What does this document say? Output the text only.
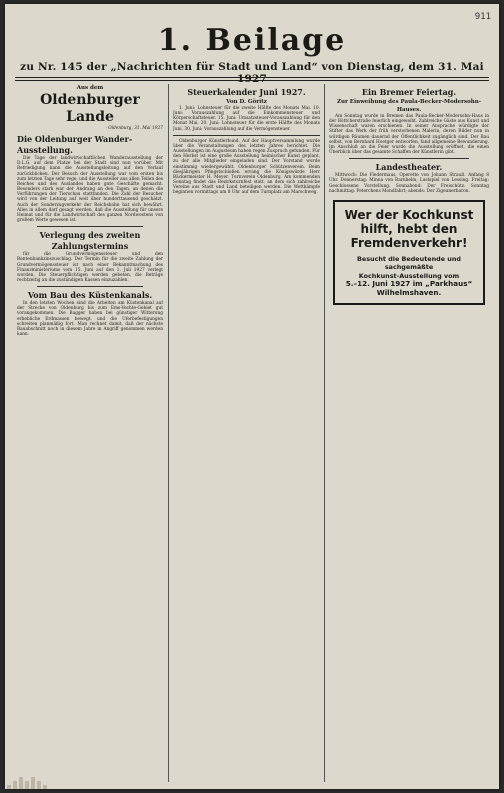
911
1. Beilage
zu Nr. 145 der „Nachrichten für Stadt und Land“ von Dienstag, dem 31. Mai 1927
Aus dem
Oldenburger Lande
· Oldenburg, 31. Mai 1927
Die Oldenburger Wander-Ausstellung.

Die Tage der landwirtschaftlichen Wanderausstellung der D.L.G. auf dem Platze bei der Stadt sind nun vorüber. Mit Befriedigung kann die Ausstellungsleitung auf den Verlauf zurückblicken. Der Besuch der Ausstellung war vom ersten bis zum letzten Tage sehr rege, und die Aussteller aus allen Teilen des Reiches und des Auslandes haben gute Geschäfte gemacht. Besonders stark war der Andrang an den Tagen, an denen die Vorführungen der Tierschau stattfanden. Die Zahl der Besucher wird von der Leitung auf weit über hunderttausend geschätzt. Auch der Sonderzugverkehr der Reichsbahn hat sich bewährt. Alles in allem darf gesagt werden, daß die Ausstellung für unsere Heimat und für die Landwirtschaft des ganzen Nordwestens von großem Werte gewesen ist.

Verlegung des zweiten Zahlungstermins

für die Grundvermögenssteuer und den Rentenbankzinszuschlag. Der Termin für die zweite Zahlung der Grundvermögenssteuer ist nach einer Bekanntmachung des Finanzministeriums vom 15. Juni auf den 1. Juli 1927 verlegt worden. Die Steuerpflichtigen werden gebeten, die Beträge rechtzeitig an die zuständigen Kassen einzuzahlen.

Vom Bau des Küstenkanals.

In den letzten Wochen sind die Arbeiten am Küstenkanal auf der Strecke von Oldenburg bis zum Ems-Vechte-Gebiet gut vorangekommen. Die Bagger haben bei günstiger Witterung erhebliche Erdmassen bewegt, und die Uferbefestigungen schreiten planmäßig fort. Man rechnet damit, daß der nächste Bauabschnitt noch in diesem Jahre in Angriff genommen werden kann.

Steuerkalender Juni 1927.
Von D. Göritz

1. Juni: Lohnsteuer für die zweite Hälfte des Monats Mai. 10. Juni: Vorauszahlung auf die Einkommensteuer und Körperschaftsteuer. 15. Juni: Umsatzsteuer-Vorauszahlung für den Monat Mai. 20. Juni: Lohnsteuer für die erste Hälfte des Monats Juni. 30. Juni: Vorauszahlung auf die Vermögensteuer.

Oldenburger Künstlerbund. Auf der Hauptversammlung wurde über die Veranstaltungen des letzten Jahres berichtet. Die Ausstellungen im Augusteum haben regen Zuspruch gefunden. Für den Herbst ist eine große Ausstellung heimischer Kunst geplant, zu der alle Mitglieder eingeladen sind. Der Vorstand wurde einstimmig wiedergewählt. Oldenburger Schützenverein. Beim diesjährigen Pfingstschießen errang die Königswürde Herr Bäckermeister H. Meyer. Turnverein Oldenburg. Am kommenden Sonntag findet das Bezirksturnfest statt, an dem sich zahlreiche Vereine aus Stadt und Land beteiligen werden. Die Wettkämpfe beginnen vormittags um 8 Uhr auf dem Turnplatz am Marschweg.

Ein Bremer Feiertag.
Zur Einweihung des Paula-Becker-Modersohn-Hauses.

Am Sonntag wurde in Bremen das Paula-Becker-Modersohn-Haus in der Böttcherstraße feierlich eingeweiht. Zahlreiche Gäste aus Kunst und Wissenschaft waren erschienen. In seiner Ansprache würdigte der Stifter das Werk der früh verstorbenen Malerin, deren Bilder nun in würdigen Räumen dauernd der Öffentlichkeit zugänglich sind. Der Bau selbst, von Bernhard Hoetger entworfen, fand allgemeine Bewunderung. Im Anschluß an die Feier wurde die Ausstellung eröffnet, die einen Überblick über das gesamte Schaffen der Künstlerin gibt.

Landestheater.

Mittwoch: Die Fledermaus, Operette von Johann Strauß. Anfang 8 Uhr. Donnerstag: Minna von Barnhelm, Lustspiel von Lessing. Freitag: Geschlossene Vorstellung. Sonnabend: Der Freischütz. Sonntag nachmittag: Peterchens Mondfahrt; abends: Der Zigeunerbaron.

Wer der Kochkunst hilft, hebt den Fremdenverkehr!
Besucht die Bedeutende und sachgemäßte
Kochkunst-Ausstellung vom
5.–12. Juni 1927 im „Parkhaus“
Wilhelmshaven.
